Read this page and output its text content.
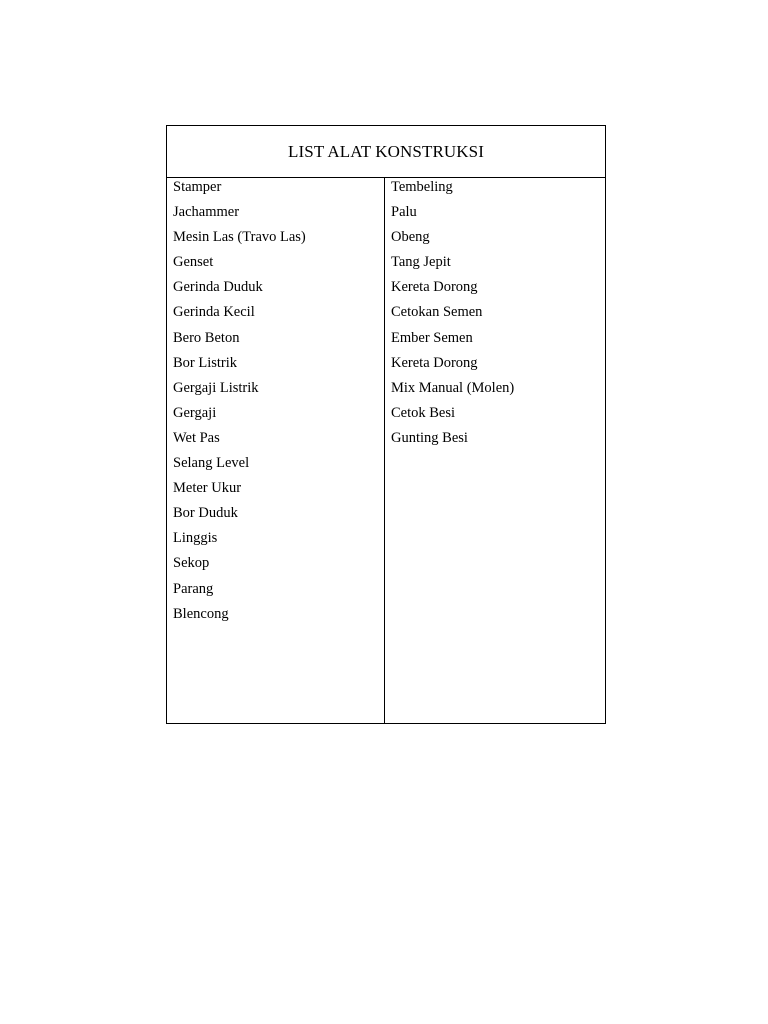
LIST ALAT KONSTRUKSI
Stamper
Jachammer
Mesin Las (Travo Las)
Genset
Gerinda Duduk
Gerinda Kecil
Bero Beton
Bor Listrik
Gergaji Listrik
Gergaji
Wet Pas
Selang Level
Meter Ukur
Bor Duduk
Linggis
Sekop
Parang
Blencong
Tembeling
Palu
Obeng
Tang Jepit
Kereta Dorong
Cetokan Semen
Ember Semen
Kereta Dorong
Mix Manual (Molen)
Cetok Besi
Gunting Besi
